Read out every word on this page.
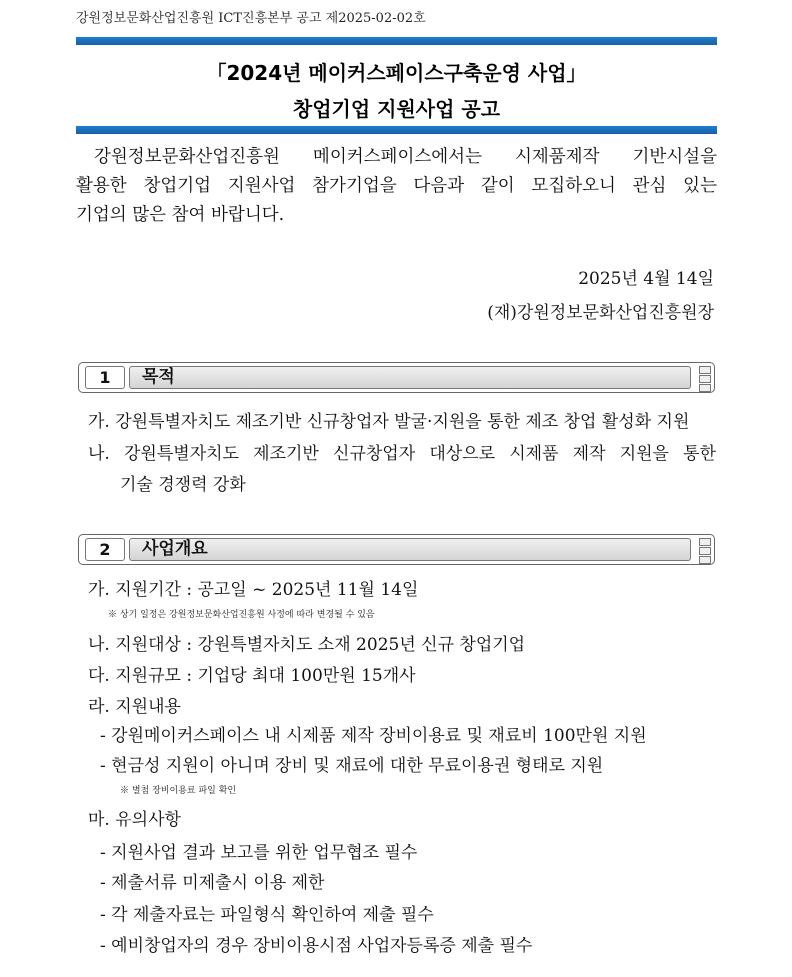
강원정보문화산업진흥원 ICT진흥본부 공고 제2025-02-02호
「2024년 메이커스페이스구축운영 사업」
창업기업 지원사업 공고
강원정보문화산업진흥원 메이커스페이스에서는 시제품제작 기반시설을
활용한 창업기업 지원사업 참가기업을 다음과 같이 모집하오니 관심 있는
기업의 많은 참여 바랍니다.
2025년 4월 14일
(재)강원정보문화산업진흥원장
1	목적
가. 강원특별자치도 제조기반 신규창업자 발굴·지원을 통한 제조 창업 활성화 지원
나. 강원특별자치도 제조기반 신규창업자 대상으로 시제품 제작 지원을 통한
기술 경쟁력 강화
2	사업개요
가. 지원기간 : 공고일 ~ 2025년 11월 14일
※ 상기 일정은 강원정보문화산업진흥원 사정에 따라 변경될 수 있음
나. 지원대상 : 강원특별자치도 소재 2025년 신규 창업기업
다. 지원규모 : 기업당 최대 100만원 15개사
라. 지원내용
- 강원메이커스페이스 내 시제품 제작 장비이용료 및 재료비 100만원 지원
- 현금성 지원이 아니며 장비 및 재료에 대한 무료이용권 형태로 지원
※ 별첨 장비이용료 파일 확인
마. 유의사항
- 지원사업 결과 보고를 위한 업무협조 필수
- 제출서류 미제출시 이용 제한
- 각 제출자료는 파일형식 확인하여 제출 필수
- 예비창업자의 경우 장비이용시점 사업자등록증 제출 필수
